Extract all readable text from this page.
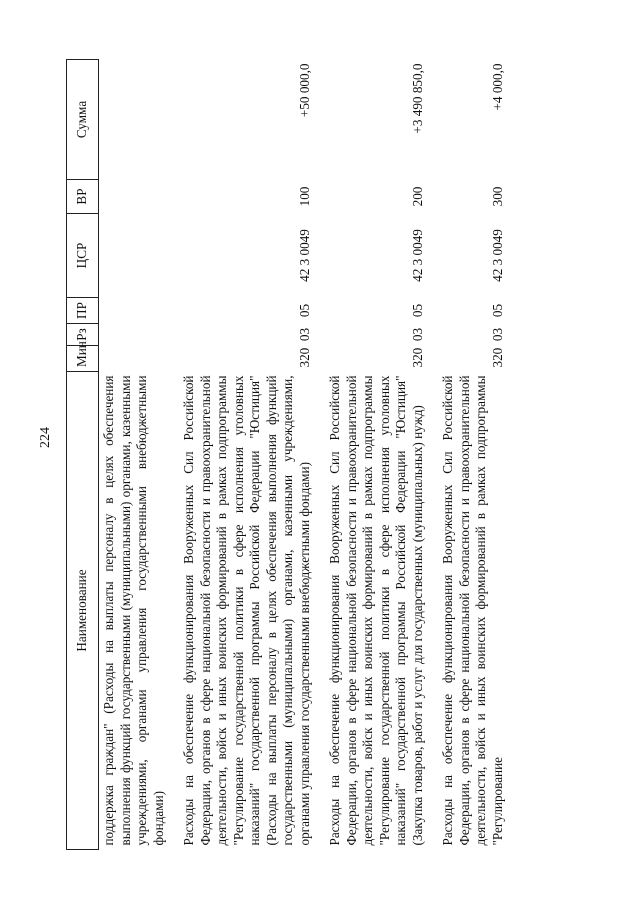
224
Наименование	Мин	Рз	ПР	ЦСР	ВР	Сумма
поддержка граждан" (Расходы на выплаты персоналу в целях обеспечения выполнения функций государственными (муниципальными) органами, казенными учреждениями, органами управления государственными внебюджетными фондами)						

Расходы на обеспечение функционирования Вооруженных Сил Российской Федерации, органов в сфере национальной безопасности и правоохранительной деятельности, войск и иных воинских формирований в рамках подпрограммы "Регулирование государственной политики в сфере исполнения уголовных наказаний" государственной программы Российской Федерации "Юстиция" (Расходы на выплаты персоналу в целях обеспечения выполнения функций государственными (муниципальными) органами, казенными учреждениями, органами управления государственными внебюджетными фондами)	320	03	05	42 3 0049	100	+50 000,0

Расходы на обеспечение функционирования Вооруженных Сил Российской Федерации, органов в сфере национальной безопасности и правоохранительной деятельности, войск и иных воинских формирований в рамках подпрограммы "Регулирование государственной политики в сфере исполнения уголовных наказаний" государственной программы Российской Федерации "Юстиция" (Закупка товаров, работ и услуг для государственных (муниципальных) нужд)	320	03	05	42 3 0049	200	+3 490 850,0

Расходы на обеспечение функционирования Вооруженных Сил Российской Федерации, органов в сфере национальной безопасности и правоохранительной деятельности, войск и иных воинских формирований в рамках подпрограммы "Регулирование	320	03	05	42 3 0049	300	+4 000,0
